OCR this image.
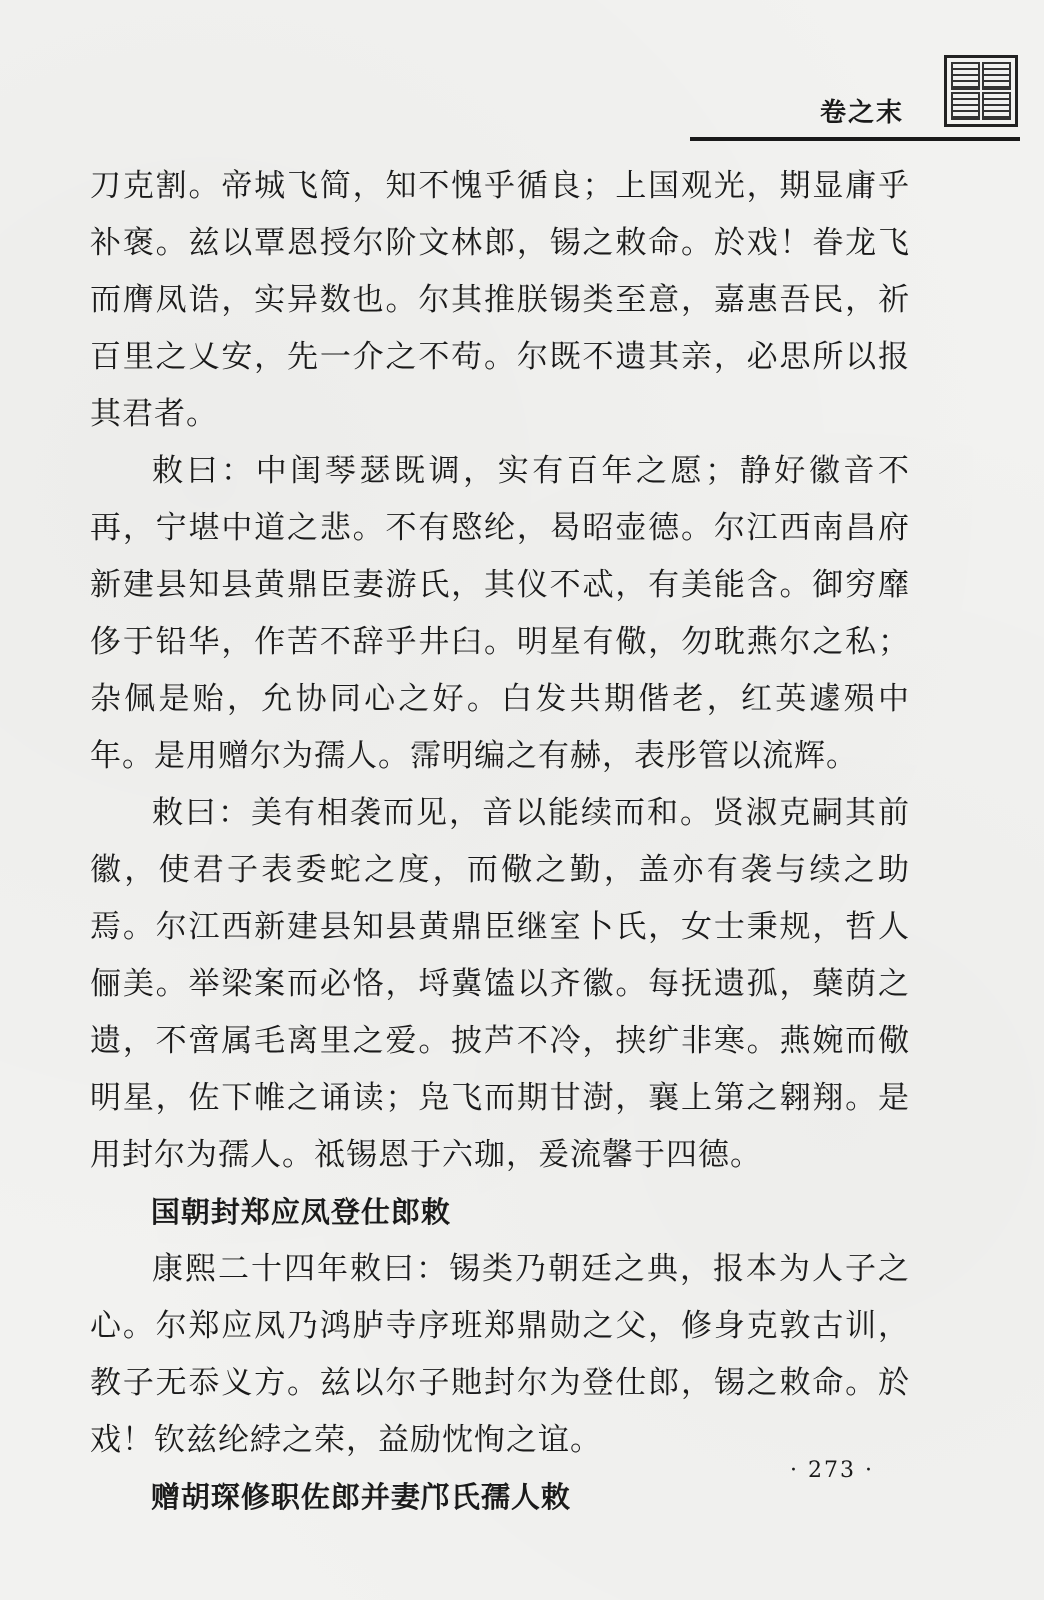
卷之末

刀克割。帝城飞简，知不愧乎循良；上国观光，期显庸乎补褒。兹以覃恩授尔阶文林郎，锡之敕命。於戏！眷龙飞而膺凤诰，实异数也。尔其推朕锡类至意，嘉惠吾民，祈百里之乂安，先一介之不苟。尔既不遗其亲，必思所以报其君者。

敕曰：中闺琴瑟既调，实有百年之愿；静好徽音不再，宁堪中道之悲。不有愍纶，曷昭壶德。尔江西南昌府新建县知县黄鼎臣妻游氏，其仪不忒，有美能含。御穷靡侈于铅华，作苦不辞乎井臼。明星有儆，勿耽燕尔之私；杂佩是贻，允协同心之好。白发共期偕老，红英遽殒中年。是用赠尔为孺人。霈明编之有赫，表彤管以流辉。

敕曰：美有相袭而见，音以能续而和。贤淑克嗣其前徽，使君子表委蛇之度，而儆之勤，盖亦有袭与续之助焉。尔江西新建县知县黄鼎臣继室卜氏，女士秉规，哲人俪美。举梁案而必恪，埒冀馌以齐徽。每抚遗孤，蘖荫之遗，不啻属毛离里之爱。披芦不冷，挟纩非寒。燕婉而儆明星，佐下帷之诵读；凫飞而期甘澍，襄上第之翱翔。是用封尔为孺人。祗锡恩于六珈，爰流馨于四德。

国朝封郑应凤登仕郎敕

康熙二十四年敕曰：锡类乃朝廷之典，报本为人子之心。尔郑应凤乃鸿胪寺序班郑鼎勋之父，修身克敦古训，教子无忝义方。兹以尔子貤封尔为登仕郎，锡之敕命。於戏！钦兹纶綍之荣，益励忱恂之谊。

赠胡琛修职佐郎并妻邝氏孺人敕
· 273 ·
